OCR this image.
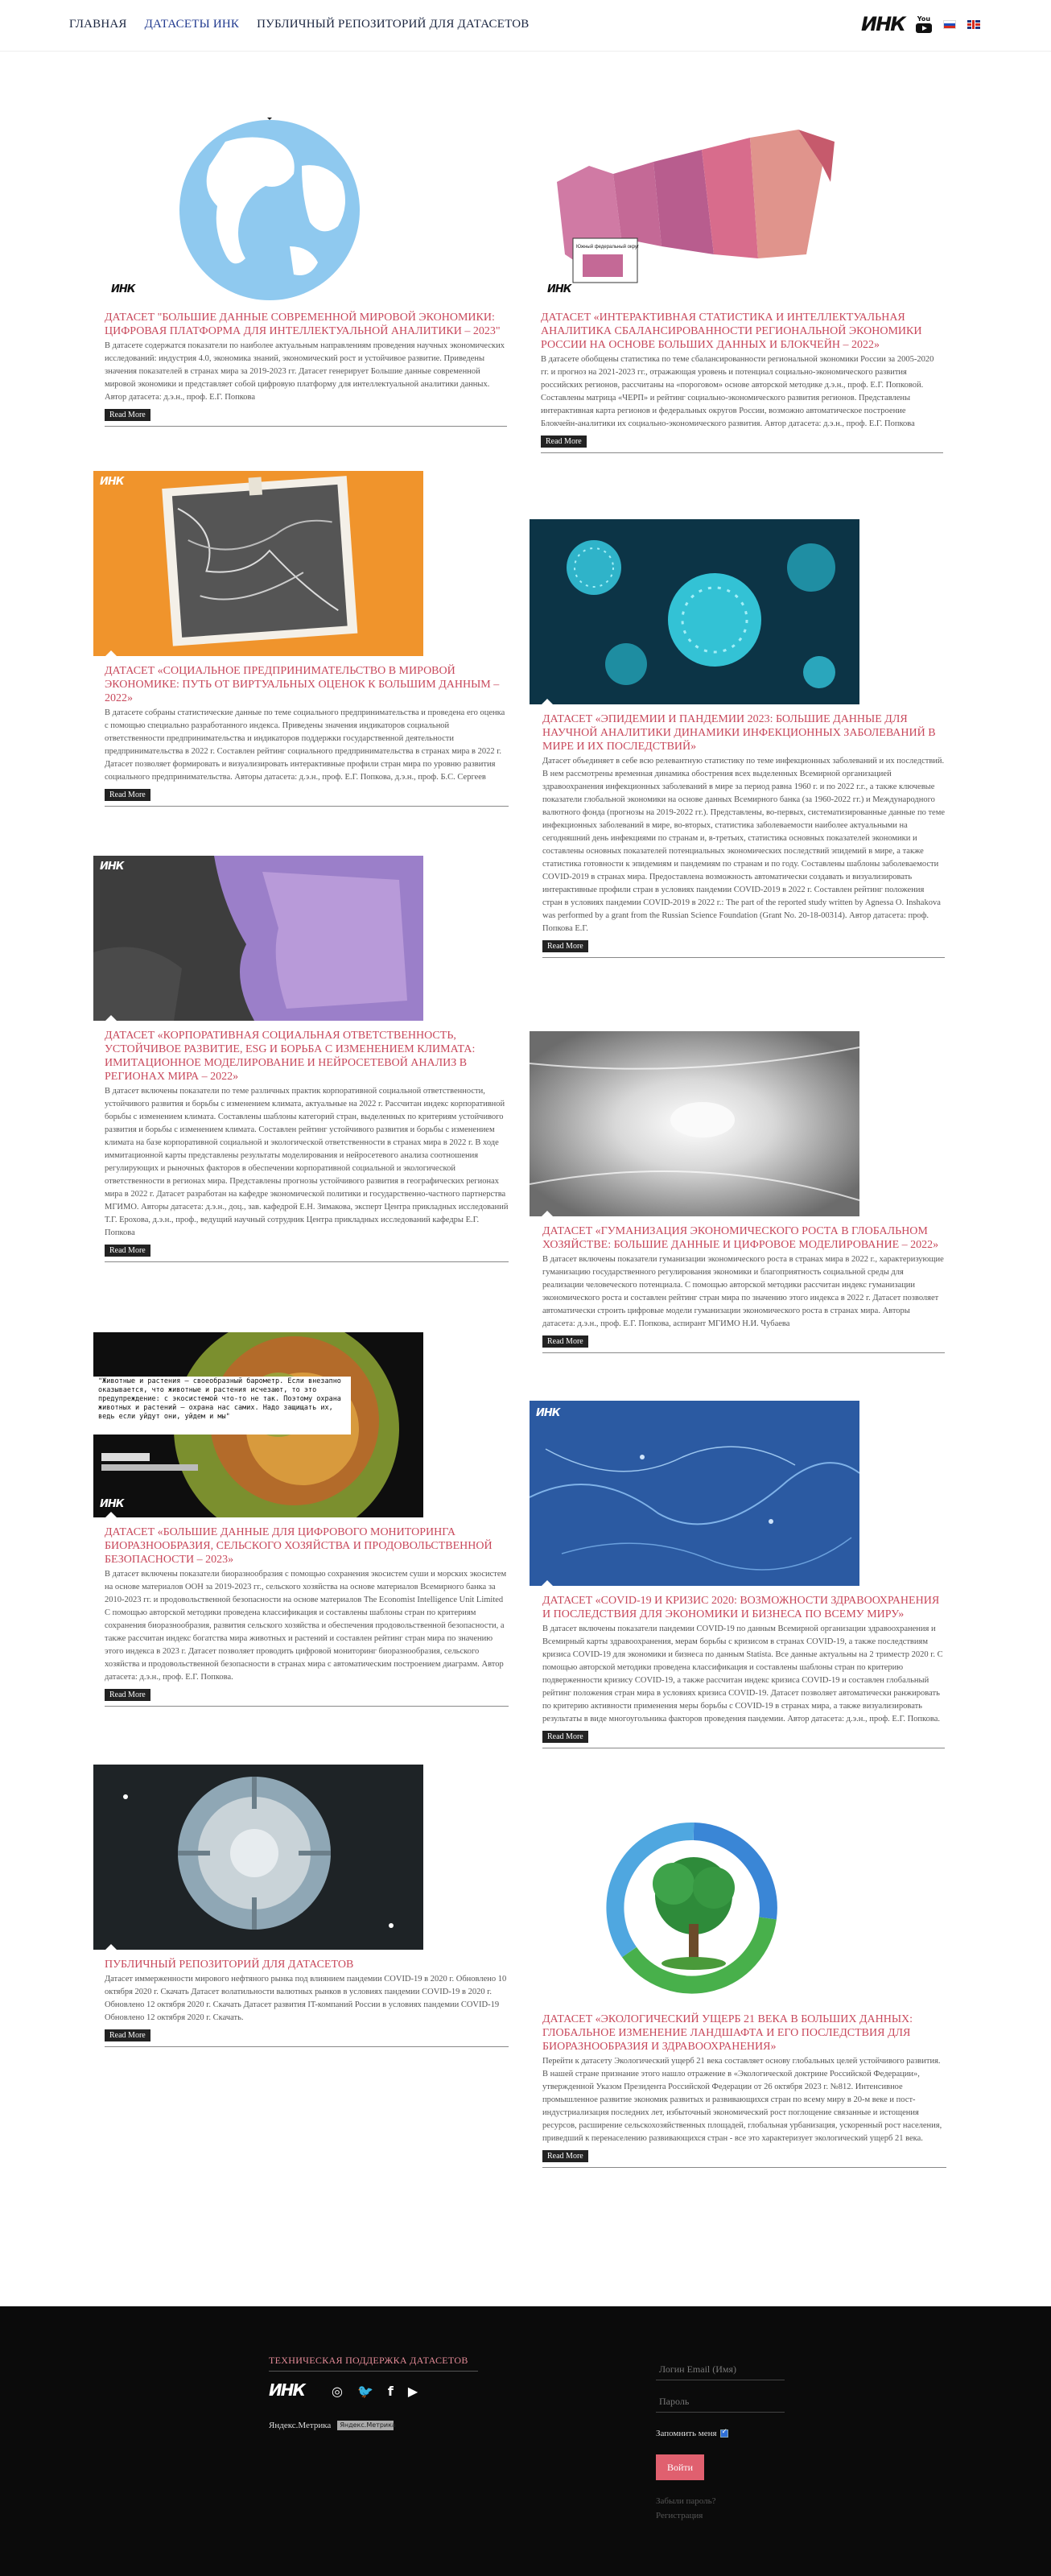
ГЛАВНАЯ ДАТАСЕТЫ ИНК ПУБЛИЧНЫЙ РЕПОЗИТОРИЙ ДЛЯ ДАТАСЕТОВ	ИНК You
ИНК
ДАТАСЕТ "БОЛЬШИЕ ДАННЫЕ СОВРЕМЕННОЙ МИРОВОЙ ЭКОНОМИКИ: ЦИФРОВАЯ ПЛАТФОРМА ДЛЯ ИНТЕЛЛЕКТУАЛЬНОЙ АНАЛИТИКИ – 2023"
В датасете содержатся показатели по наиболее актуальным направлениям проведения научных экономических исследований: индустрия 4.0, экономика знаний, экономический рост и устойчивое развитие. Приведены значения показателей в странах мира за 2019-2023 гг. Датасет генерирует Большие данные современной мировой экономики и представляет собой цифровую платформу для интеллектуальной аналитики данных. Автор датасета: д.э.н., проф. Е.Г. Попкова
Read More
Южный федеральный округ
ИНК
ДАТАСЕТ «ИНТЕРАКТИВНАЯ СТАТИСТИКА И ИНТЕЛЛЕКТУАЛЬНАЯ АНАЛИТИКА СБАЛАНСИРОВАННОСТИ РЕГИОНАЛЬНОЙ ЭКОНОМИКИ РОССИИ НА ОСНОВЕ БОЛЬШИХ ДАННЫХ И БЛОКЧЕЙН – 2022»
В датасете обобщены статистика по теме сбалансированности региональной экономики России за 2005-2020 гг. и прогноз на 2021-2023 гг., отражающая уровень и потенциал социально-экономического развития российских регионов, рассчитаны на «пороговом» основе авторской методике д.э.н., проф. Е.Г. Попковой. Составлены матрица «ЧЕРП» и рейтинг социально-экономического развития регионов. Представлены интерактивная карта регионов и федеральных округов России, возможно автоматическое построение Блокчейн-аналитики их социально-экономического развития. Автор датасета: д.э.н., проф. Е.Г. Попкова
Read More
ИНК
ДАТАСЕТ «СОЦИАЛЬНОЕ ПРЕДПРИНИМАТЕЛЬСТВО В МИРОВОЙ ЭКОНОМИКЕ: ПУТЬ ОТ ВИРТУАЛЬНЫХ ОЦЕНОК К БОЛЬШИМ ДАННЫМ – 2022»
В датасете собраны статистические данные по теме социального предпринимательства и проведена его оценка с помощью специально разработанного индекса. Приведены значения индикаторов социальной ответственности предпринимательства и индикаторов поддержки государственной деятельности предпринимательства в 2022 г. Составлен рейтинг социального предпринимательства в странах мира в 2022 г. Датасет позволяет формировать и визуализировать интерактивные профили стран мира по уровню развития социального предпринимательства. Авторы датасета: д.э.н., проф. Е.Г. Попкова, д.э.н., проф. Б.С. Сергеев
Read More
ДАТАСЕТ «ЭПИДЕМИИ И ПАНДЕМИИ 2023: БОЛЬШИЕ ДАННЫЕ ДЛЯ НАУЧНОЙ АНАЛИТИКИ ДИНАМИКИ ИНФЕКЦИОННЫХ ЗАБОЛЕВАНИЙ В МИРЕ И ИХ ПОСЛЕДСТВИЙ»
Датасет объединяет в себе всю релевантную статистику по теме инфекционных заболеваний и их последствий. В нем рассмотрены временная динамика обострения всех выделенных Всемирной организацией здравоохранения инфекционных заболеваний в мире за период равна 1960 г. и по 2022 г.г., а также ключевые показатели глобальной экономики на основе данных Всемирного банка (за 1960-2022 гг.) и Международного валютного фонда (прогнозы на 2019-2022 гг.). Представлены, во-первых, систематизированные данные по теме инфекционных заболеваний в мире, во-вторых, статистика заболеваемости наиболее актуальными на сегодняшний день инфекциями по странам и, в-третьих, статистика основных показателей экономики и составлены основных показателей потенциальных экономических последствий эпидемий в мире, а также статистика готовности к эпидемиям и пандемиям по странам и по году. Составлены шаблоны заболеваемости COVID-2019 в странах мира. Предоставлена возможность автоматически создавать и визуализировать интерактивные профили стран в условиях пандемии COVID-2019 в 2022 г. Составлен рейтинг положения стран в условиях пандемии COVID-2019 в 2022 г.: The part of the reported study written by Agnessa O. Inshakova was performed by a grant from the Russian Science Foundation (Grant No. 20-18-00314). Автор датасета: проф. Попкова Е.Г.
Read More
ИНК
ДАТАСЕТ «КОРПОРАТИВНАЯ СОЦИАЛЬНАЯ ОТВЕТСТВЕННОСТЬ, УСТОЙЧИВОЕ РАЗВИТИЕ, ESG И БОРЬБА С ИЗМЕНЕНИЕМ КЛИМАТА: ИМИТАЦИОННОЕ МОДЕЛИРОВАНИЕ И НЕЙРОСЕТЕВОЙ АНАЛИЗ В РЕГИОНАХ МИРА – 2022»
В датасет включены показатели по теме различных практик корпоративной социальной ответственности, устойчивого развития и борьбы с изменением климата, актуальные на 2022 г. Рассчитан индекс корпоративной борьбы с изменением климата. Составлены шаблоны категорий стран, выделенных по критериям устойчивого развития и борьбы с изменением климата. Составлен рейтинг устойчивого развития и борьбы с изменением климата на базе корпоративной социальной и экологической ответственности в странах мира в 2022 г. В ходе иммитационной карты представлены результаты моделирования и нейросетевого анализа соотношения регулирующих и рыночных факторов в обеспечении корпоративной социальной и экологической ответственности в регионах мира. Представлены прогнозы устойчивого развития в географических регионах мира в 2022 г. Датасет разработан на кафедре экономической политики и государственно-частного партнерства МГИМО. Авторы датасета: д.э.н., доц., зав. кафедрой Е.Н. Зимакова, эксперт Центра прикладных исследований Т.Г. Ерохова, д.э.н., проф., ведущий научный сотрудник Центра прикладных исследований кафедры Е.Г. Попкова
Read More
ДАТАСЕТ «ГУМАНИЗАЦИЯ ЭКОНОМИЧЕСКОГО РОСТА В ГЛОБАЛЬНОМ ХОЗЯЙСТВЕ: БОЛЬШИЕ ДАННЫЕ И ЦИФРОВОЕ МОДЕЛИРОВАНИЕ – 2022»
В датасет включены показатели гуманизации экономического роста в странах мира в 2022 г., характеризующие гуманизацию государственного регулирования экономики и благоприятность социальной среды для реализации человеческого потенциала. С помощью авторской методики рассчитан индекс гуманизации экономического роста и составлен рейтинг стран мира по значению этого индекса в 2022 г. Датасет позволяет автоматически строить цифровые модели гуманизации экономического роста в странах мира. Авторы датасета: д.э.н., проф. Е.Г. Попкова, аспирант МГИМО Н.И. Чубаева
Read More
"Животные и растения – своеобразный барометр. Если внезапно оказывается, что животные и растения исчезают, то это предупреждение: с экосистемой что-то не так. Поэтому охрана животных и растений – охрана нас самих. Надо защищать их, ведь если уйдут они, уйдем и мы"
ИНК
ДАТАСЕТ «БОЛЬШИЕ ДАННЫЕ ДЛЯ ЦИФРОВОГО МОНИТОРИНГА БИОРАЗНООБРАЗИЯ, СЕЛЬСКОГО ХОЗЯЙСТВА И ПРОДОВОЛЬСТВЕННОЙ БЕЗОПАСНОСТИ – 2023»
В датасет включены показатели биоразнообразия с помощью сохранения экосистем суши и морских экосистем на основе материалов ООН за 2019-2023 гг., сельского хозяйства на основе материалов Всемирного банка за 2010-2023 гг. и продовольственной безопасности на основе материалов The Economist Intelligence Unit Limited С помощью авторской методики проведена классификация и составлены шаблоны стран по критериям сохранения биоразнообразия, развития сельского хозяйства и обеспечения продовольственной безопасности, а также рассчитан индекс богатства мира животных и растений и составлен рейтинг стран мира по значению этого индекса в 2023 г. Датасет позволяет проводить цифровой мониторинг биоразнообразия, сельского хозяйства и продовольственной безопасности в странах мира с автоматическим построением диаграмм. Автор датасета: д.э.н., проф. Е.Г. Попкова.
Read More
ИНК
ДАТАСЕТ «COVID-19 И КРИЗИС 2020: ВОЗМОЖНОСТИ ЗДРАВООХРАНЕНИЯ И ПОСЛЕДСТВИЯ ДЛЯ ЭКОНОМИКИ И БИЗНЕСА ПО ВСЕМУ МИРУ»
В датасет включены показатели пандемии COVID-19 по данным Всемирной организации здравоохранения и Всемирный карты здравоохранения, мерам борьбы с кризисом в странах COVID-19, а также последствиям кризиса COVID-19 для экономики и бизнеса по данным Statista. Все данные актуальны на 2 триместр 2020 г. С помощью авторской методики проведена классификация и составлены шаблоны стран по критерию подверженности кризису COVID-19, а также рассчитан индекс кризиса COVID-19 и составлен глобальный рейтинг положения стран мира в условиях кризиса COVID-19. Датасет позволяет автоматически ранжировать по критерию активности применения меры борьбы с COVID-19 в странах мира, а также визуализировать результаты в виде многоугольника факторов проведения пандемии. Автор датасета: д.э.н., проф. Е.Г. Попкова.
Read More
ПУБЛИЧНЫЙ РЕПОЗИТОРИЙ ДЛЯ ДАТАСЕТОВ
Датасет иммерженности мирового нефтяного рынка под влиянием пандемии COVID-19 в 2020 г. Обновлено 10 октября 2020 г. Скачать Датасет волатильности валютных рынков в условиях пандемии COVID-19 в 2020 г. Обновлено 12 октября 2020 г. Скачать Датасет развития IT-компаний России в условиях пандемии COVID-19 Обновлено 12 октября 2020 г. Скачать.
Read More
ДАТАСЕТ «ЭКОЛОГИЧЕСКИЙ УЩЕРБ 21 ВЕКА В БОЛЬШИХ ДАННЫХ: ГЛОБАЛЬНОЕ ИЗМЕНЕНИЕ ЛАНДШАФТА И ЕГО ПОСЛЕДСТВИЯ ДЛЯ БИОРАЗНООБРАЗИЯ И ЗДРАВООХРАНЕНИЯ»
Перейти к датасету Экологический ущерб 21 века составляет основу глобальных целей устойчивого развития. В нашей стране признание этого нашло отражение в «Экологической доктрине Российской Федерации», утвержденной Указом Президента Российской Федерации от 26 октября 2023 г. №812. Интенсивное промышленное развитие экономик развитых и развивающихся стран по всему миру в 20-м веке и пост-индустриализация последних лет, избыточный экономический рост поглощение связанные и истощения ресурсов, расширение сельскохозяйственных площадей, глобальная урбанизация, ускоренный рост населения, приведший к перенаселению развивающихся стран - все это характеризует экологический ущерб 21 века.
Read More
ТЕХНИЧЕСКАЯ ПОДДЕРЖКА ДАТАСЕТОВ
ИНК ◎ 🐦 f ▶
Яндекс.Метрика	Яндекс.Метрика
Логин Email (Имя)
Запомнить меня
✓
Войти
Забыли пароль?
Регистрация
